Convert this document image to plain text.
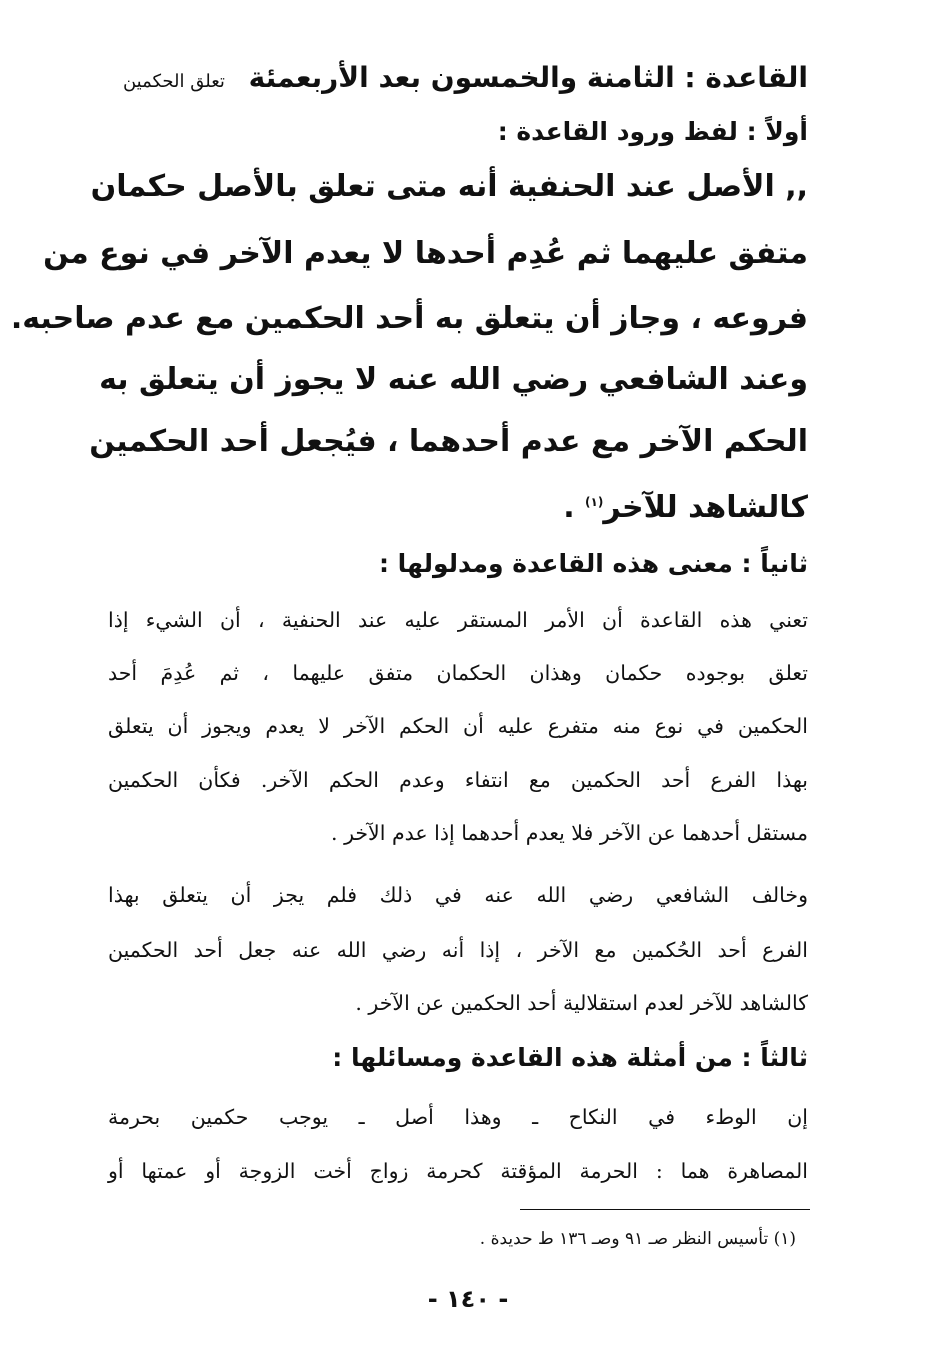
القاعدة : الثامنة والخمسون بعد الأربعمئة تعلق الحكمين
أولاً : لفظ ورود القاعدة :
,, الأصل عند الحنفية أنه متى تعلق بالأصل حكمان
متفق عليهما ثم عُدِم أحدها لا يعدم الآخر في نوع من
فروعه ، وجاز أن يتعلق به أحد الحكمين مع عدم صاحبه.
وعند الشافعي رضي الله عنه لا يجوز أن يتعلق به
الحكم الآخر مع عدم أحدهما ، فيُجعل أحد الحكمين
كالشاهد للآخر$^{(١)}$ .
ثانياً : معنى هذه القاعدة ومدلولها :
تعني هذه القاعدة أن الأمر المستقر عليه عند الحنفية ، أن الشيء إذا
تعلق بوجوده حكمان وهذان الحكمان متفق عليهما ، ثم عُدِمَ أحد
الحكمين في نوع منه متفرع عليه أن الحكم الآخر لا يعدم ويجوز أن يتعلق
بهذا الفرع أحد الحكمين مع انتفاء وعدم الحكم الآخر. فكأن الحكمين
مستقل أحدهما عن الآخر فلا يعدم أحدهما إذا عدم الآخر .
وخالف الشافعي رضي الله عنه في ذلك فلم يجز أن يتعلق بهذا
الفرع أحد الحُكمين مع الآخر ، إذا أنه رضي الله عنه جعل أحد الحكمين
كالشاهد للآخر لعدم استقلالية أحد الحكمين عن الآخر .
ثالثاً : من أمثلة هذه القاعدة ومسائلها :
إن الوطء في النكاح ـ وهذا أصل ـ يوجب حكمين بحرمة
المصاهرة هما : الحرمة المؤقتة كحرمة زواج أخت الزوجة أو عمتها أو
(١) تأسيس النظر صـ ٩١ وصـ ١٣٦ ط حديدة .
- ١٤٠ -
